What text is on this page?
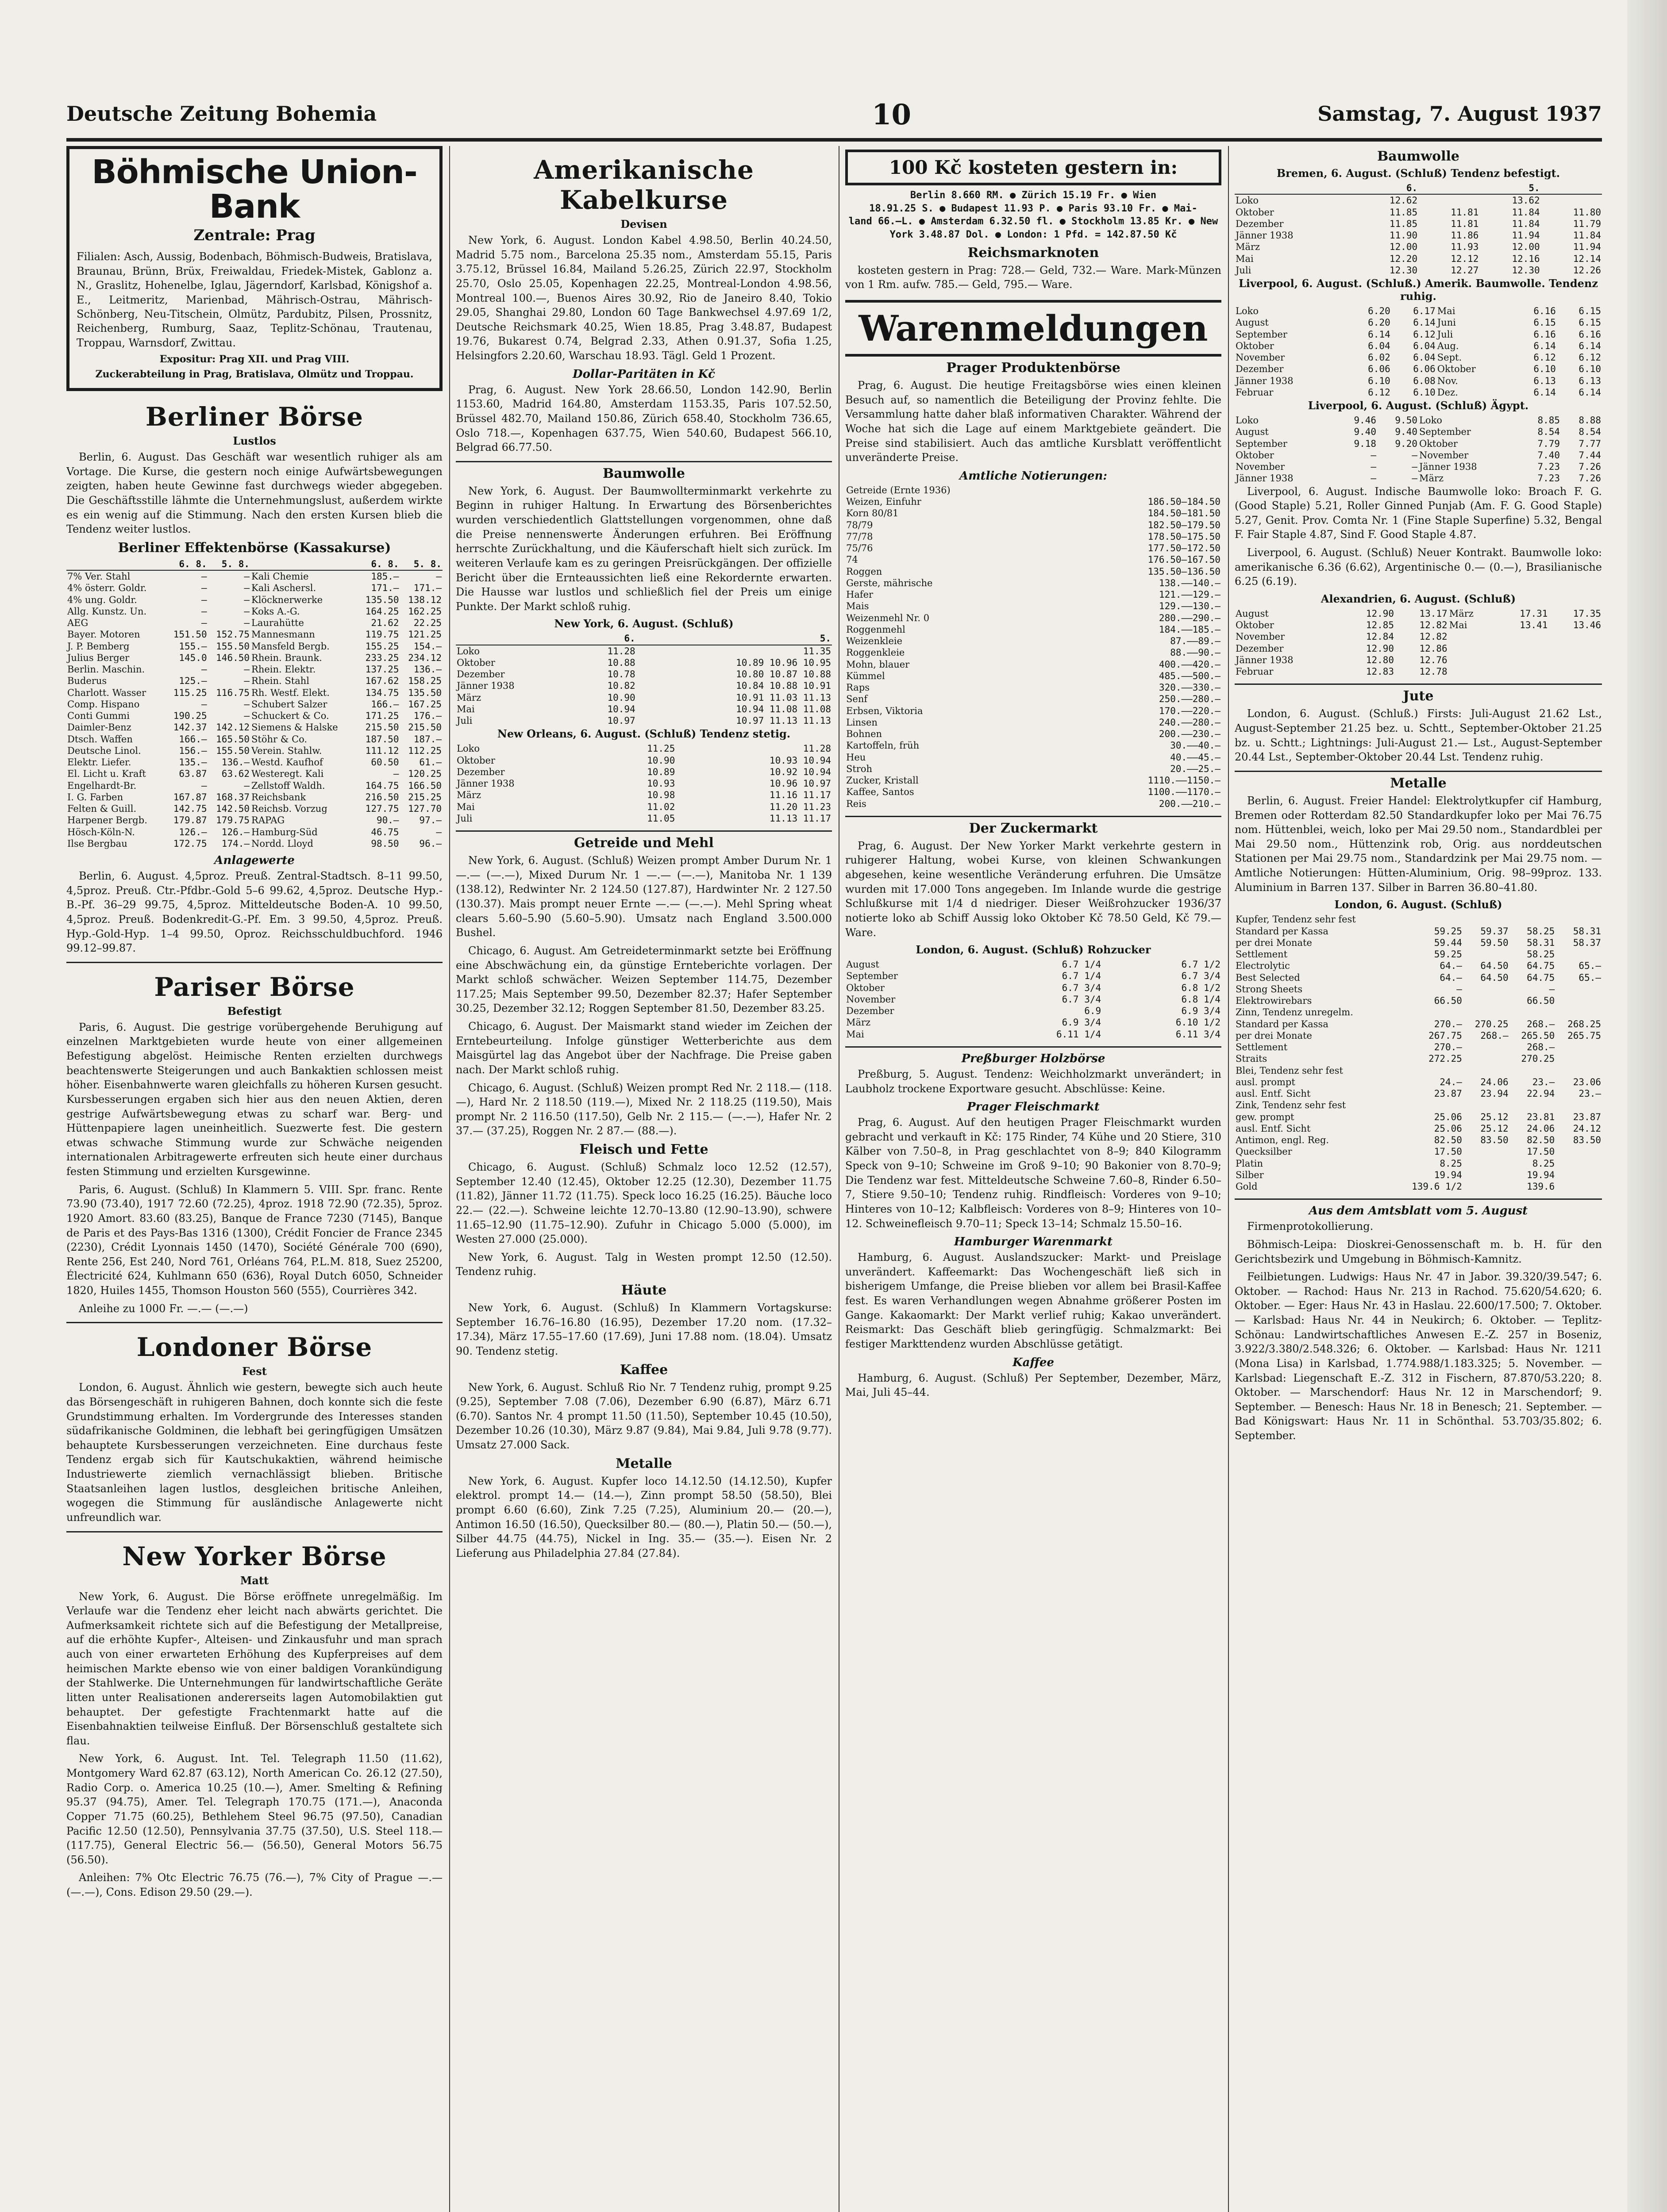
Deutsche Zeitung Bohemia	10	Samstag, 7. August 1937
Böhmische Union-Bank
Zentrale: Prag
Filialen: Asch, Aussig, Bodenbach, Böhmisch-Budweis, Bratislava, Braunau, Brünn, Brüx, Freiwaldau, Friedek-Mistek, Gablonz a. N., Graslitz, Hohenelbe, Iglau, Jägerndorf, Karlsbad, Königshof a. E., Leitmeritz, Marienbad, Mährisch-Ostrau, Mährisch-Schönberg, Neu-Titschein, Olmütz, Pardubitz, Pilsen, Prossnitz, Reichenberg, Rumburg, Saaz, Teplitz-Schönau, Trautenau, Troppau, Warnsdorf, Zwittau.
Expositur: Prag XII. und Prag VIII.
Zuckerabteilung in Prag, Bratislava, Olmütz und Troppau.
Berliner Börse
Lustlos

Berlin, 6. August. Das Geschäft war wesentlich ruhiger als am Vortage. Die Kurse, die gestern noch einige Aufwärtsbewegungen zeigten, haben heute Gewinne fast durchwegs wieder abgegeben. Die Geschäftsstille lähmte die Unternehmungslust, außerdem wirkte es ein wenig auf die Stimmung. Nach den ersten Kursen blieb die Tendenz weiter lustlos.

Berliner Effektenbörse (Kassakurse)
	6. 8.	5. 8.		6. 8.	5. 8.
7% Ver. Stahl	—	—	Kali Chemie	185.—	—
4% österr. Goldr.	—	—	Kali Aschersl.	171.—	171.—
4% ung. Goldr.	—	—	Klöcknerwerke	135.50	138.12
Allg. Kunstz. Un.	—	—	Koks A.-G.	164.25	162.25
AEG	—	—	Laurahütte	21.62	22.25
Bayer. Motoren	151.50	152.75	Mannesmann	119.75	121.25
J. P. Bemberg	155.—	155.50	Mansfeld Bergb.	155.25	154.—
Julius Berger	145.0	146.50	Rhein. Braunk.	233.25	234.12
Berlin. Maschin.	—	—	Rhein. Elektr.	137.25	136.—
Buderus	125.—	—	Rhein. Stahl	167.62	158.25
Charlott. Wasser	115.25	116.75	Rh. Westf. Elekt.	134.75	135.50
Comp. Hispano	—	—	Schubert Salzer	166.—	167.25
Conti Gummi	190.25	—	Schuckert & Co.	171.25	176.—
Daimler-Benz	142.37	142.12	Siemens & Halske	215.50	215.50
Dtsch. Waffen	166.—	165.50	Stöhr & Co.	187.50	187.—
Deutsche Linol.	156.—	155.50	Verein. Stahlw.	111.12	112.25
Elektr. Liefer.	135.—	136.—	Westd. Kaufhof	60.50	61.—
El. Licht u. Kraft	63.87	63.62	Westeregt. Kali	—	120.25
Engelhardt-Br.	—	—	Zellstoff Waldh.	164.75	166.50
I. G. Farben	167.87	168.37	Reichsbank	216.50	215.25
Felten & Guill.	142.75	142.50	Reichsb. Vorzug	127.75	127.70
Harpener Bergb.	179.87	179.75	RAPAG	90.—	97.—
Hösch-Köln-N.	126.—	126.—	Hamburg-Süd	46.75	—
Ilse Bergbau	172.75	174.—	Nordd. Lloyd	98.50	96.—
Anlagewerte

Berlin, 6. August. 4,5proz. Preuß. Zentral-Stadtsch. 8–11 99.50, 4,5proz. Preuß. Ctr.-Pfdbr.-Gold 5–6 99.62, 4,5proz. Deutsche Hyp.-B.-Pf. 36–29 99.75, 4,5proz. Mitteldeutsche Boden-A. 10 99.50, 4,5proz. Preuß. Bodenkredit-G.-Pf. Em. 3 99.50, 4,5proz. Preuß. Hyp.-Gold-Hyp. 1–4 99.50, Oproz. Reichsschuldbuchford. 1946 99.12–99.87.

Pariser Börse
Befestigt

Paris, 6. August. Die gestrige vorübergehende Beruhigung auf einzelnen Marktgebieten wurde heute von einer allgemeinen Befestigung abgelöst. Heimische Renten erzielten durchwegs beachtenswerte Steigerungen und auch Bankaktien schlossen meist höher. Eisenbahnwerte waren gleichfalls zu höheren Kursen gesucht. Kursbesserungen ergaben sich hier aus den neuen Aktien, deren gestrige Aufwärtsbewegung etwas zu scharf war. Berg- und Hüttenpapiere lagen uneinheitlich. Suezwerte fest. Die gestern etwas schwache Stimmung wurde zur Schwäche neigenden internationalen Arbitragewerte erfreuten sich heute einer durchaus festen Stimmung und erzielten Kursgewinne.

Paris, 6. August. (Schluß) In Klammern 5. VIII. Spr. franc. Rente 73.90 (73.40), 1917 72.60 (72.25), 4proz. 1918 72.90 (72.35), 5proz. 1920 Amort. 83.60 (83.25), Banque de France 7230 (7145), Banque de Paris et des Pays-Bas 1316 (1300), Crédit Foncier de France 2345 (2230), Crédit Lyonnais 1450 (1470), Société Générale 700 (690), Rente 256, Est 240, Nord 761, Orléans 764, P.L.M. 818, Suez 25200, Électricité 624, Kuhlmann 650 (636), Royal Dutch 6050, Schneider 1820, Huiles 1455, Thomson Houston 560 (555), Courrières 342.

Anleihe zu 1000 Fr. —.— (—.—)

Londoner Börse
Fest

London, 6. August. Ähnlich wie gestern, bewegte sich auch heute das Börsengeschäft in ruhigeren Bahnen, doch konnte sich die feste Grundstimmung erhalten. Im Vordergrunde des Interesses standen südafrikanische Goldminen, die lebhaft bei geringfügigen Umsätzen behauptete Kursbesserungen verzeichneten. Eine durchaus feste Tendenz ergab sich für Kautschukaktien, während heimische Industriewerte ziemlich vernachlässigt blieben. Britische Staatsanleihen lagen lustlos, desgleichen britische Anleihen, wogegen die Stimmung für ausländische Anlagewerte nicht unfreundlich war.

New Yorker Börse
Matt

New York, 6. August. Die Börse eröffnete unregelmäßig. Im Verlaufe war die Tendenz eher leicht nach abwärts gerichtet. Die Aufmerksamkeit richtete sich auf die Befestigung der Metallpreise, auf die erhöhte Kupfer-, Alteisen- und Zinkausfuhr und man sprach auch von einer erwarteten Erhöhung des Kupferpreises auf dem heimischen Markte ebenso wie von einer baldigen Vorankündigung der Stahlwerke. Die Unternehmungen für landwirtschaftliche Geräte litten unter Realisationen andererseits lagen Automobilaktien gut behauptet. Der gefestigte Frachtenmarkt hatte auf die Eisenbahnaktien teilweise Einfluß. Der Börsenschluß gestaltete sich flau.

New York, 6. August. Int. Tel. Telegraph 11.50 (11.62), Montgomery Ward 62.87 (63.12), North American Co. 26.12 (27.50), Radio Corp. o. America 10.25 (10.—), Amer. Smelting & Refining 95.37 (94.75), Amer. Tel. Telegraph 170.75 (171.—), Anaconda Copper 71.75 (60.25), Bethlehem Steel 96.75 (97.50), Canadian Pacific 12.50 (12.50), Pennsylvania 37.75 (37.50), U.S. Steel 118.— (117.75), General Electric 56.— (56.50), General Motors 56.75 (56.50).

Anleihen: 7% Otc Electric 76.75 (76.—), 7% City of Prague —.— (—.—), Cons. Edison 29.50 (29.—).

Amerikanische Kabelkurse
Devisen

New York, 6. August. London Kabel 4.98.50, Berlin 40.24.50, Madrid 5.75 nom., Barcelona 25.35 nom., Amsterdam 55.15, Paris 3.75.12, Brüssel 16.84, Mailand 5.26.25, Zürich 22.97, Stockholm 25.70, Oslo 25.05, Kopenhagen 22.25, Montreal-London 4.98.56, Montreal 100.—, Buenos Aires 30.92, Rio de Janeiro 8.40, Tokio 29.05, Shanghai 29.80, London 60 Tage Bankwechsel 4.97.69 1/2, Deutsche Reichsmark 40.25, Wien 18.85, Prag 3.48.87, Budapest 19.76, Bukarest 0.74, Belgrad 2.33, Athen 0.91.37, Sofia 1.25, Helsingfors 2.20.60, Warschau 18.93. Tägl. Geld 1 Prozent.

Dollar-Paritäten in Kč

Prag, 6. August. New York 28.66.50, London 142.90, Berlin 1153.60, Madrid 164.80, Amsterdam 1153.35, Paris 107.52.50, Brüssel 482.70, Mailand 150.86, Zürich 658.40, Stockholm 736.65, Oslo 718.—, Kopenhagen 637.75, Wien 540.60, Budapest 566.10, Belgrad 66.77.50.

Baumwolle

New York, 6. August. Der Baumwollterminmarkt verkehrte zu Beginn in ruhiger Haltung. In Erwartung des Börsenberichtes wurden verschiedentlich Glattstellungen vorgenommen, ohne daß die Preise nennenswerte Änderungen erfuhren. Bei Eröffnung herrschte Zurückhaltung, und die Käuferschaft hielt sich zurück. Im weiteren Verlaufe kam es zu geringen Preisrückgängen. Der offizielle Bericht über die Ernteaussichten ließ eine Rekordernte erwarten. Die Hausse war lustlos und schließlich fiel der Preis um einige Punkte. Der Markt schloß ruhig.

New York, 6. August. (Schluß)
	6.	5.
Loko	11.28	11.35
Oktober	10.88	10.89 10.96 10.95
Dezember	10.78	10.80 10.87 10.88
Jänner 1938	10.82	10.84 10.88 10.91
März	10.90	10.91 11.03 11.13
Mai	10.94	10.94 11.08 11.08
Juli	10.97	10.97 11.13 11.13
New Orleans, 6. August. (Schluß) Tendenz stetig.
Loko	11.25	11.28
Oktober	10.90	10.93 10.94
Dezember	10.89	10.92 10.94
Jänner 1938	10.93	10.96 10.97
März	10.98	11.16 11.17
Mai	11.02	11.20 11.23
Juli	11.05	11.13 11.17
Getreide und Mehl

New York, 6. August. (Schluß) Weizen prompt Amber Durum Nr. 1 —.— (—.—), Mixed Durum Nr. 1 —.— (—.—), Manitoba Nr. 1 139 (138.12), Redwinter Nr. 2 124.50 (127.87), Hardwinter Nr. 2 127.50 (130.37). Mais prompt neuer Ernte —.— (—.—). Mehl Spring wheat clears 5.60–5.90 (5.60–5.90). Umsatz nach England 3.500.000 Bushel.

Chicago, 6. August. Am Getreideterminmarkt setzte bei Eröffnung eine Abschwächung ein, da günstige Ernteberichte vorlagen. Der Markt schloß schwächer. Weizen September 114.75, Dezember 117.25; Mais September 99.50, Dezember 82.37; Hafer September 30.25, Dezember 32.12; Roggen September 81.50, Dezember 83.25.

Chicago, 6. August. Der Maismarkt stand wieder im Zeichen der Erntebeurteilung. Infolge günstiger Wetterberichte aus dem Maisgürtel lag das Angebot über der Nachfrage. Die Preise gaben nach. Der Markt schloß ruhig.

Chicago, 6. August. (Schluß) Weizen prompt Red Nr. 2 118.— (118.—), Hard Nr. 2 118.50 (119.—), Mixed Nr. 2 118.25 (119.50), Mais prompt Nr. 2 116.50 (117.50), Gelb Nr. 2 115.— (—.—), Hafer Nr. 2 37.— (37.25), Roggen Nr. 2 87.— (88.—).

Fleisch und Fette

Chicago, 6. August. (Schluß) Schmalz loco 12.52 (12.57), September 12.40 (12.45), Oktober 12.25 (12.30), Dezember 11.75 (11.82), Jänner 11.72 (11.75). Speck loco 16.25 (16.25). Bäuche loco 22.— (22.—). Schweine leichte 12.70–13.80 (12.90–13.90), schwere 11.65–12.90 (11.75–12.90). Zufuhr in Chicago 5.000 (5.000), im Westen 27.000 (25.000).

New York, 6. August. Talg in Westen prompt 12.50 (12.50). Tendenz ruhig.

Häute

New York, 6. August. (Schluß) In Klammern Vortagskurse: September 16.76–16.80 (16.95), Dezember 17.20 nom. (17.32–17.34), März 17.55–17.60 (17.69), Juni 17.88 nom. (18.04). Umsatz 90. Tendenz stetig.

Kaffee

New York, 6. August. Schluß Rio Nr. 7 Tendenz ruhig, prompt 9.25 (9.25), September 7.08 (7.06), Dezember 6.90 (6.87), März 6.71 (6.70). Santos Nr. 4 prompt 11.50 (11.50), September 10.45 (10.50), Dezember 10.26 (10.30), März 9.87 (9.84), Mai 9.84, Juli 9.78 (9.77). Umsatz 27.000 Sack.

Metalle

New York, 6. August. Kupfer loco 14.12.50 (14.12.50), Kupfer elektrol. prompt 14.— (14.—), Zinn prompt 58.50 (58.50), Blei prompt 6.60 (6.60), Zink 7.25 (7.25), Aluminium 20.— (20.—), Antimon 16.50 (16.50), Quecksilber 80.— (80.—), Platin 50.— (50.—), Silber 44.75 (44.75), Nickel in Ing. 35.— (35.—). Eisen Nr. 2 Lieferung aus Philadelphia 27.84 (27.84).

100 Kč kosteten gestern in:
Berlin 8.660 RM. ● Zürich 15.19 Fr. ● Wien
18.91.25 S. ● Budapest 11.93 P. ● Paris 93.10 Fr. ● Mai-
land 66.—L. ● Amsterdam 6.32.50 fl. ● Stockholm 13.85 Kr. ● New
York 3.48.87 Dol. ● London: 1 Pfd. = 142.87.50 Kč
Reichsmarknoten

kosteten gestern in Prag: 728.— Geld, 732.— Ware. Mark-Münzen von 1 Rm. aufw. 785.— Geld, 795.— Ware.

Warenmeldungen
Prager Produktenbörse

Prag, 6. August. Die heutige Freitagsbörse wies einen kleinen Besuch auf, so namentlich die Beteiligung der Provinz fehlte. Die Versammlung hatte daher blaß informativen Charakter. Während der Woche hat sich die Lage auf einem Marktgebiete geändert. Die Preise sind stabilisiert. Auch das amtliche Kursblatt veröffentlicht unveränderte Preise.

Amtliche Notierungen:
Getreide (Ernte 1936)	
Weizen, Einfuhr	186.50–184.50
Korn 80/81	184.50–181.50
78/79	182.50–179.50
77/78	178.50–175.50
75/76	177.50–172.50
74	176.50–167.50
Roggen	135.50–136.50
Gerste, mährische	138.—–140.—
Hafer	121.—–129.—
Mais	129.—–130.—
Weizenmehl Nr. 0	280.—–290.—
Roggenmehl	184.—–185.—
Weizenkleie	87.—–89.—
Roggenkleie	88.—–90.—
Mohn, blauer	400.—–420.—
Kümmel	485.—–500.—
Raps	320.—–330.—
Senf	250.—–280.—
Erbsen, Viktoria	170.—–220.—
Linsen	240.—–280.—
Bohnen	200.—–230.—
Kartoffeln, früh	30.—–40.—
Heu	40.—–45.—
Stroh	20.—–25.—
Zucker, Kristall	1110.—–1150.—
Kaffee, Santos	1100.—–1170.—
Reis	200.—–210.—
Der Zuckermarkt

Prag, 6. August. Der New Yorker Markt verkehrte gestern in ruhigerer Haltung, wobei Kurse, von kleinen Schwankungen abgesehen, keine wesentliche Veränderung erfuhren. Die Umsätze wurden mit 17.000 Tons angegeben. Im Inlande wurde die gestrige Schlußkurse mit 1/4 d niedriger. Dieser Weißrohzucker 1936/37 notierte loko ab Schiff Aussig loko Oktober Kč 78.50 Geld, Kč 79.— Ware.

London, 6. August. (Schluß) Rohzucker
August	6.7 1/4	6.7 1/2
September	6.7 1/4	6.7 3/4
Oktober	6.7 3/4	6.8 1/2
November	6.7 3/4	6.8 1/4
Dezember	6.9	6.9 3/4
März	6.9 3/4	6.10 1/2
Mai	6.11 1/4	6.11 3/4
Preßburger Holzbörse

Preßburg, 5. August. Tendenz: Weichholzmarkt unverändert; in Laubholz trockene Exportware gesucht. Abschlüsse: Keine.

Prager Fleischmarkt

Prag, 6. August. Auf den heutigen Prager Fleischmarkt wurden gebracht und verkauft in Kč: 175 Rinder, 74 Kühe und 20 Stiere, 310 Kälber von 7.50–8, in Prag geschlachtet von 8–9; 840 Kilogramm Speck von 9–10; Schweine im Groß 9–10; 90 Bakonier von 8.70–9; Die Tendenz war fest. Mitteldeutsche Schweine 7.60–8, Rinder 6.50–7, Stiere 9.50–10; Tendenz ruhig. Rindfleisch: Vorderes von 9–10; Hinteres von 10–12; Kalbfleisch: Vorderes von 8–9; Hinteres von 10–12. Schweinefleisch 9.70–11; Speck 13–14; Schmalz 15.50–16.

Hamburger Warenmarkt

Hamburg, 6. August. Auslandszucker: Markt- und Preislage unverändert. Kaffeemarkt: Das Wochengeschäft ließ sich in bisherigem Umfange, die Preise blieben vor allem bei Brasil-Kaffee fest. Es waren Verhandlungen wegen Abnahme größerer Posten im Gange. Kakaomarkt: Der Markt verlief ruhig; Kakao unverändert. Reismarkt: Das Geschäft blieb geringfügig. Schmalzmarkt: Bei festiger Markttendenz wurden Abschlüsse getätigt.

Kaffee

Hamburg, 6. August. (Schluß) Per September, Dezember, März, Mai, Juli 45–44.

Baumwolle
Bremen, 6. August. (Schluß) Tendenz befestigt.
	6.		5.	
Loko	12.62		13.62	
Oktober	11.85	11.81	11.84	11.80
Dezember	11.85	11.81	11.84	11.79
Jänner 1938	11.90	11.86	11.94	11.84
März	12.00	11.93	12.00	11.94
Mai	12.20	12.12	12.16	12.14
Juli	12.30	12.27	12.30	12.26
Liverpool, 6. August. (Schluß.) Amerik. Baumwolle. Tendenz ruhig.
Loko	6.20	6.17	Mai	6.16	6.15
August	6.20	6.14	Juni	6.15	6.15
September	6.14	6.12	Juli	6.16	6.16
Oktober	6.04	6.04	Aug.	6.14	6.14
November	6.02	6.04	Sept.	6.12	6.12
Dezember	6.06	6.06	Oktober	6.10	6.10
Jänner 1938	6.10	6.08	Nov.	6.13	6.13
Februar	6.12	6.10	Dez.	6.14	6.14
Liverpool, 6. August. (Schluß) Ägypt.
Loko	9.46	9.50	Loko	8.85	8.88
August	9.40	9.40	September	8.54	8.54
September	9.18	9.20	Oktober	7.79	7.77
Oktober	—	—	November	7.40	7.44
November	—	—	Jänner 1938	7.23	7.26
Jänner 1938	—	—	März	7.23	7.26

Liverpool, 6. August. Indische Baumwolle loko: Broach F. G. (Good Staple) 5.21, Roller Ginned Punjab (Am. F. G. Good Staple) 5.27, Genit. Prov. Comta Nr. 1 (Fine Staple Superfine) 5.32, Bengal F. Fair Staple 4.87, Sind F. Good Staple 4.87.

Liverpool, 6. August. (Schluß) Neuer Kontrakt. Baumwolle loko: amerikanische 6.36 (6.62), Argentinische 0.— (0.—), Brasilianische 6.25 (6.19).

Alexandrien, 6. August. (Schluß)
August	12.90	13.17	März	17.31	17.35
Oktober	12.85	12.82	Mai	13.41	13.46
November	12.84	12.82			
Dezember	12.90	12.86			
Jänner 1938	12.80	12.76			
Februar	12.83	12.78			
Jute

London, 6. August. (Schluß.) Firsts: Juli-August 21.62 Lst., August-September 21.25 bez. u. Schtt., September-Oktober 21.25 bz. u. Schtt.; Lightnings: Juli-August 21.— Lst., August-September 20.44 Lst., September-Oktober 20.44 Lst. Tendenz ruhig.

Metalle

Berlin, 6. August. Freier Handel: Elektrolytkupfer cif Hamburg, Bremen oder Rotterdam 82.50 Standardkupfer loko per Mai 76.75 nom. Hüttenblei, weich, loko per Mai 29.50 nom., Standardblei per Mai 29.50 nom., Hüttenzink rob, Orig. aus norddeutschen Stationen per Mai 29.75 nom., Standardzink per Mai 29.75 nom. — Amtliche Notierungen: Hütten-Aluminium, Orig. 98–99proz. 133. Aluminium in Barren 137. Silber in Barren 36.80–41.80.

London, 6. August. (Schluß)
Kupfer, Tendenz sehr fest				
Standard per Kassa	59.25	59.37	58.25	58.31
per drei Monate	59.44	59.50	58.31	58.37
Settlement	59.25		58.25	
Electrolytic	64.—	64.50	64.75	65.—
Best Selected	64.—	64.50	64.75	65.—
Strong Sheets	—		—	
Elektrowirebars	66.50		66.50	
Zinn, Tendenz unregelm.				
Standard per Kassa	270.—	270.25	268.—	268.25
per drei Monate	267.75	268.—	265.50	265.75
Settlement	270.—		268.—	
Straits	272.25		270.25	
Blei, Tendenz sehr fest				
ausl. prompt	24.—	24.06	23.—	23.06
ausl. Entf. Sicht	23.87	23.94	22.94	23.—
Zink, Tendenz sehr fest				
gew. prompt	25.06	25.12	23.81	23.87
ausl. Entf. Sicht	25.06	25.12	24.06	24.12
Antimon, engl. Reg.	82.50	83.50	82.50	83.50
Quecksilber	17.50		17.50	
Platin	8.25		8.25	
Silber	19.94		19.94	
Gold	139.6 1/2		139.6	
Aus dem Amtsblatt vom 5. August

Firmenprotokollierung.

Böhmisch-Leipa: Dioskrei-Genossenschaft m. b. H. für den Gerichtsbezirk und Umgebung in Böhmisch-Kamnitz.

Feilbietungen. Ludwigs: Haus Nr. 47 in Jabor. 39.320/39.547; 6. Oktober. — Rachod: Haus Nr. 213 in Rachod. 75.620/54.620; 6. Oktober. — Eger: Haus Nr. 43 in Haslau. 22.600/17.500; 7. Oktober. — Karlsbad: Haus Nr. 44 in Neukirch; 6. Oktober. — Teplitz-Schönau: Landwirtschaftliches Anwesen E.-Z. 257 in Boseniz, 3.922/3.380/2.548.326; 6. Oktober. — Karlsbad: Haus Nr. 1211 (Mona Lisa) in Karlsbad, 1.774.988/1.183.325; 5. November. — Karlsbad: Liegenschaft E.-Z. 312 in Fischern, 87.870/53.220; 8. Oktober. — Marschendorf: Haus Nr. 12 in Marschendorf; 9. September. — Benesch: Haus Nr. 18 in Benesch; 21. September. — Bad Königswart: Haus Nr. 11 in Schönthal. 53.703/35.802; 6. September.
